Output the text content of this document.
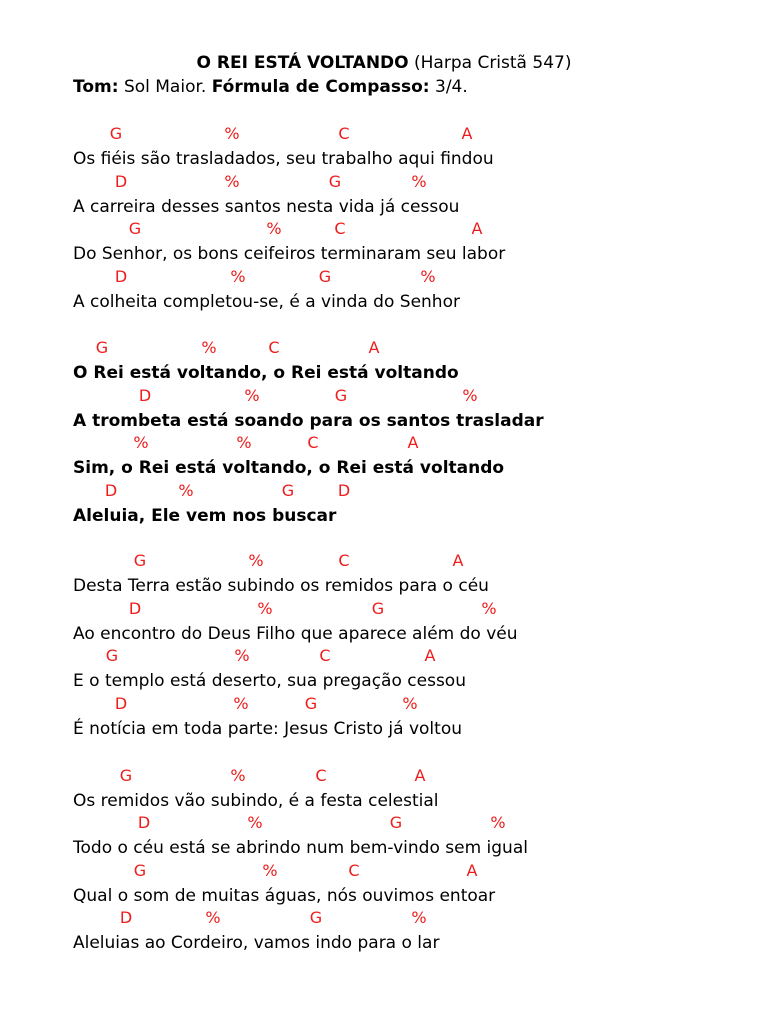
O REI ESTÁ VOLTANDO (Harpa Cristã 547)
Tom: Sol Maior. Fórmula de Compasso: 3/4.
G	%	C	A
Os fiéis são trasladados, seu trabalho aqui findou
D	%	G	%
A carreira desses santos nesta vida já cessou
G	%	C	A
Do Senhor, os bons ceifeiros terminaram seu labor
D	%	G	%
A colheita completou-se, é a vinda do Senhor
G	%	C	A
O Rei está voltando, o Rei está voltando
D	%	G	%
A trombeta está soando para os santos trasladar
%	%	C	A
Sim, o Rei está voltando, o Rei está voltando
D	%	G	D
Aleluia, Ele vem nos buscar
G	%	C	A
Desta Terra estão subindo os remidos para o céu
D	%	G	%
Ao encontro do Deus Filho que aparece além do véu
G	%	C	A
E o templo está deserto, sua pregação cessou
D	%	G	%
É notícia em toda parte: Jesus Cristo já voltou
G	%	C	A
Os remidos vão subindo, é a festa celestial
D	%	G	%
Todo o céu está se abrindo num bem-vindo sem igual
G	%	C	A
Qual o som de muitas águas, nós ouvimos entoar
D	%	G	%
Aleluias ao Cordeiro, vamos indo para o lar
